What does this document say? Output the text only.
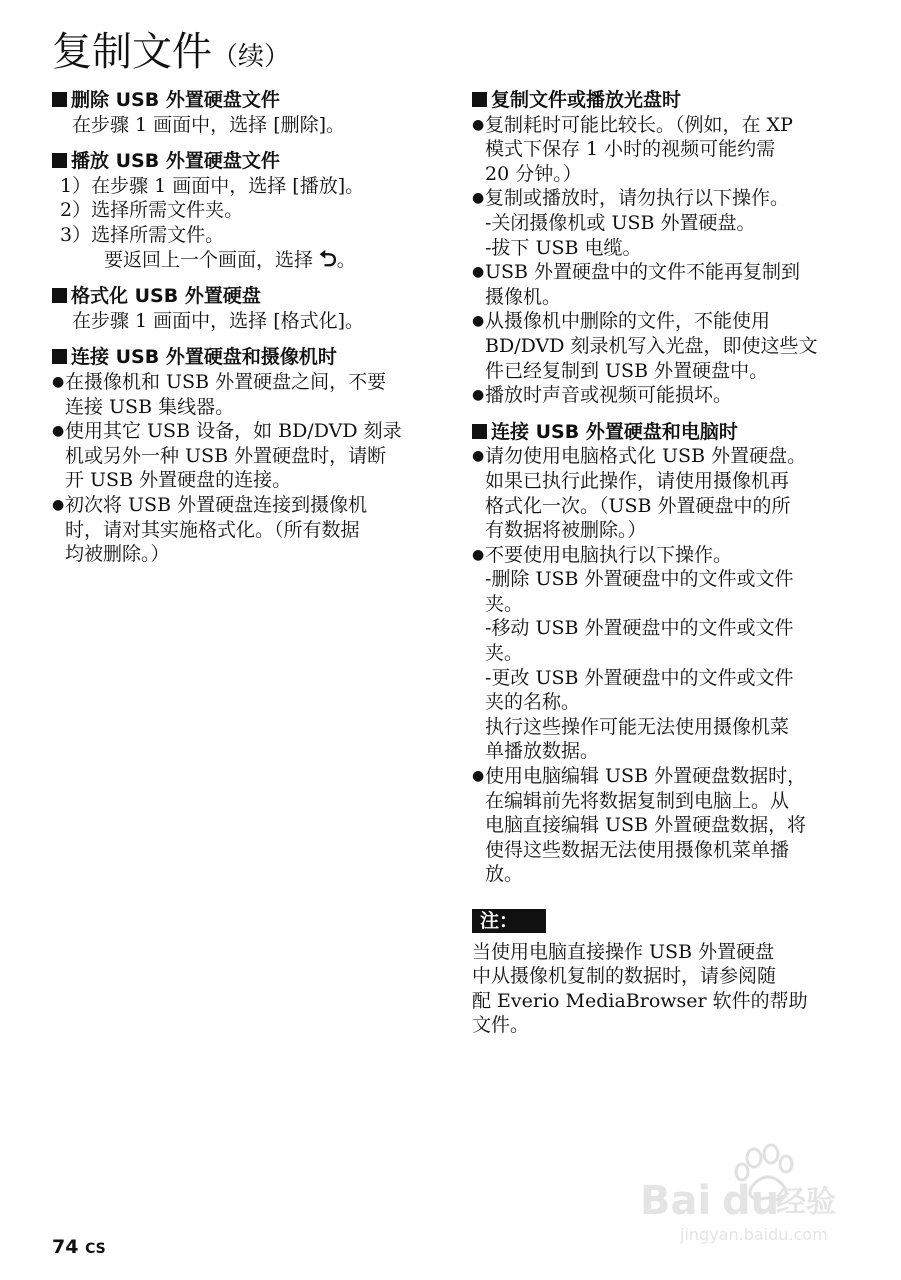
复制文件（续）
删除 USB 外置硬盘文件

在步骤 1 画面中，选择 [删除]。

播放 USB 外置硬盘文件
1）在步骤 1 画面中，选择 [播放]。
2）选择所需文件夹。
3）选择所需文件。
要返回上一个画面，选择 ⮌。
格式化 USB 外置硬盘

在步骤 1 画面中，选择 [格式化]。

连接 USB 外置硬盘和摄像机时
● 在摄像机和 USB 外置硬盘之间，不要
连接 USB 集线器。
● 使用其它 USB 设备，如 BD/DVD 刻录
机或另外一种 USB 外置硬盘时，请断
开 USB 外置硬盘的连接。
● 初次将 USB 外置硬盘连接到摄像机
时，请对其实施格式化。（所有数据
均被删除。）
复制文件或播放光盘时
● 复制耗时可能比较长。（例如，在 XP
模式下保存 1 小时的视频可能约需
20 分钟。）
● 复制或播放时，请勿执行以下操作。
-关闭摄像机或 USB 外置硬盘。
-拔下 USB 电缆。
● USB 外置硬盘中的文件不能再复制到
摄像机。
● 从摄像机中删除的文件，不能使用
BD/DVD 刻录机写入光盘，即使这些文
件已经复制到 USB 外置硬盘中。
● 播放时声音或视频可能损坏。
连接 USB 外置硬盘和电脑时
● 请勿使用电脑格式化 USB 外置硬盘。
如果已执行此操作，请使用摄像机再
格式化一次。（USB 外置硬盘中的所
有数据将被删除。）
● 不要使用电脑执行以下操作。
-删除 USB 外置硬盘中的文件或文件
夹。
-移动 USB 外置硬盘中的文件或文件
夹。
-更改 USB 外置硬盘中的文件或文件
夹的名称。
执行这些操作可能无法使用摄像机菜
单播放数据。
● 使用电脑编辑 USB 外置硬盘数据时，
在编辑前先将数据复制到电脑上。从
电脑直接编辑 USB 外置硬盘数据，将
使得这些数据无法使用摄像机菜单播
放。
注：

当使用电脑直接操作 USB 外置硬盘
中从摄像机复制的数据时，请参阅随
配 Everio MediaBrowser 软件的帮助
文件。

74 CS

Bai du
经验
jingyan.baidu.com
